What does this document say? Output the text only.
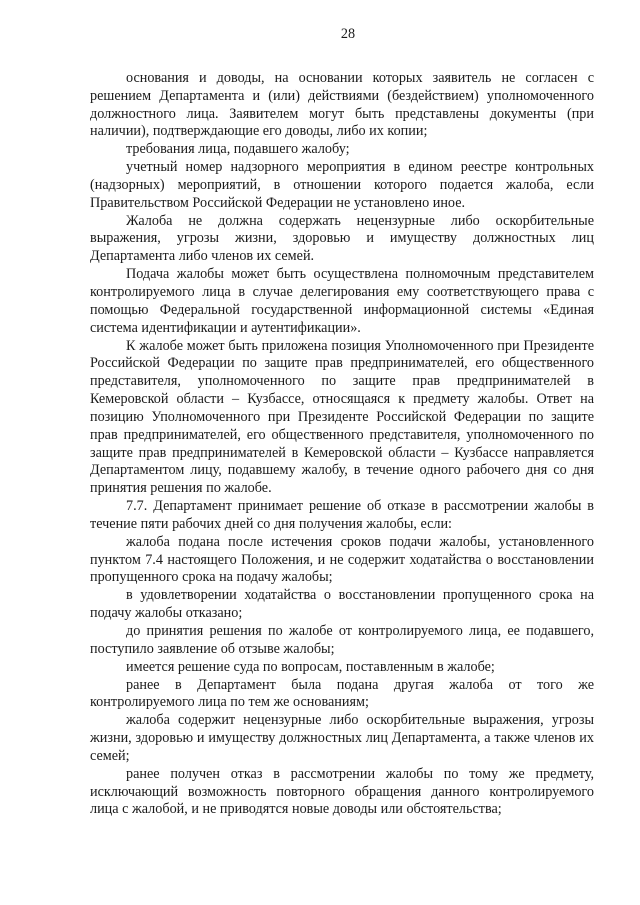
28

основания и доводы, на основании которых заявитель не согласен с решением Департамента и (или) действиями (бездействием) уполномоченного должностного лица. Заявителем могут быть представлены документы (при наличии), подтверждающие его доводы, либо их копии;

требования лица, подавшего жалобу;

учетный номер надзорного мероприятия в едином реестре контрольных (надзорных) мероприятий, в отношении которого подается жалоба, если Правительством Российской Федерации не установлено иное.

Жалоба не должна содержать нецензурные либо оскорбительные выражения, угрозы жизни, здоровью и имуществу должностных лиц Департамента либо членов их семей.

Подача жалобы может быть осуществлена полномочным представителем контролируемого лица в случае делегирования ему соответствующего права с помощью Федеральной государственной информационной системы «Единая система идентификации и аутентификации».

К жалобе может быть приложена позиция Уполномоченного при Президенте Российской Федерации по защите прав предпринимателей, его общественного представителя, уполномоченного по защите прав предпринимателей в Кемеровской области – Кузбассе, относящаяся к предмету жалобы. Ответ на позицию Уполномоченного при Президенте Российской Федерации по защите прав предпринимателей, его общественного представителя, уполномоченного по защите прав предпринимателей в Кемеровской области – Кузбассе направляется Департаментом лицу, подавшему жалобу, в течение одного рабочего дня со дня принятия решения по жалобе.

7.7. Департамент принимает решение об отказе в рассмотрении жалобы в течение пяти рабочих дней со дня получения жалобы, если:

жалоба подана после истечения сроков подачи жалобы, установленного пунктом 7.4 настоящего Положения, и не содержит ходатайства о восстановлении пропущенного срока на подачу жалобы;

в удовлетворении ходатайства о восстановлении пропущенного срока на подачу жалобы отказано;

до принятия решения по жалобе от контролируемого лица, ее подавшего, поступило заявление об отзыве жалобы;

имеется решение суда по вопросам, поставленным в жалобе;

ранее в Департамент была подана другая жалоба от того же контролируемого лица по тем же основаниям;

жалоба содержит нецензурные либо оскорбительные выражения, угрозы жизни, здоровью и имуществу должностных лиц Департамента, а также членов их семей;

ранее получен отказ в рассмотрении жалобы по тому же предмету, исключающий возможность повторного обращения данного контролируемого лица с жалобой, и не приводятся новые доводы или обстоятельства;
